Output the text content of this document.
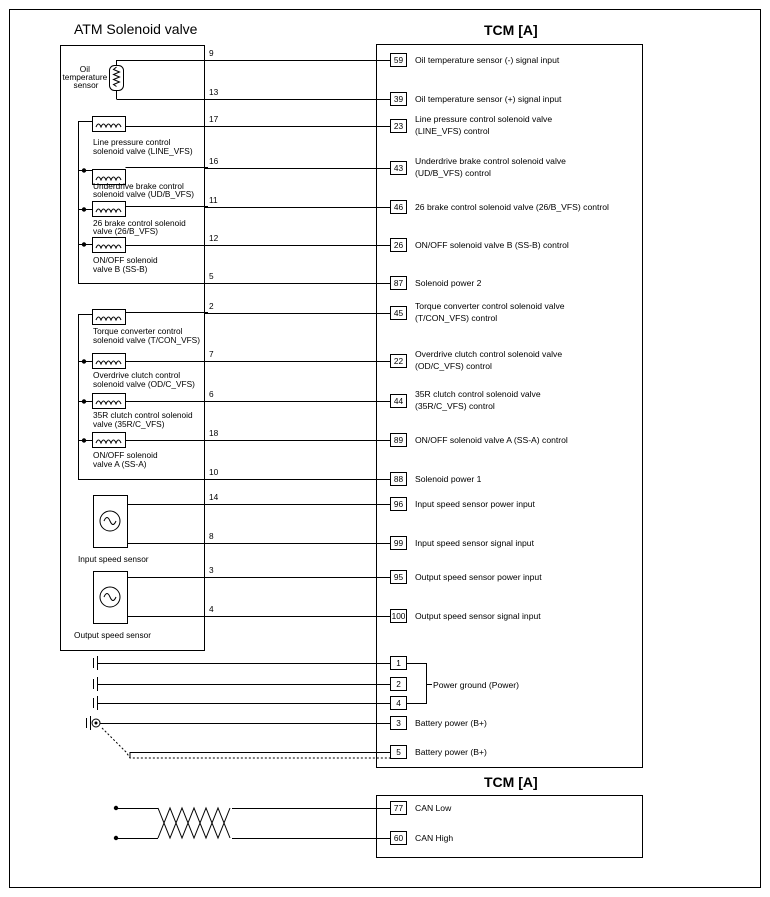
ATM Solenoid valve	TCM [A]
TCM [A]
Oil temperature sensor
Line pressure control solenoid valve (LINE_VFS)
Underdrive brake control solenoid valve (UD/B_VFS)
26 brake control solenoid valve (26/B_VFS)
ON/OFF solenoid valve B (SS-B)
Torque converter control solenoid valve (T/CON_VFS)
Overdrive clutch control solenoid valve (OD/C_VFS)
35R clutch control solenoid valve (35R/C_VFS)
ON/OFF solenoid valve A (SS-A)
Input speed sensor
Output speed sensor
9
59 Oil temperature sensor (-) signal input
13
39 Oil temperature sensor (+) signal input
17
23
Line pressure control solenoid valve (LINE_VFS) control
16
43
Underdrive brake control solenoid valve (UD/B_VFS) control
11
46 26 brake control solenoid valve (26/B_VFS) control
12
26 ON/OFF solenoid valve B (SS-B) control
5
87 Solenoid power 2
2
45
Torque converter control solenoid valve (T/CON_VFS) control
7
22
Overdrive clutch control solenoid valve (OD/C_VFS) control
6
44
35R clutch control solenoid valve (35R/C_VFS) control
18
89 ON/OFF solenoid valve A (SS-A) control
10
88 Solenoid power 1
14
96 Input speed sensor power input
8
99 Input speed sensor signal input
3
95 Output speed sensor power input
4
100 Output speed sensor signal input
1
2
4
Power ground (Power)
3 Battery power (B+)
5 Battery power (B+)
77 CAN Low
60 CAN High
